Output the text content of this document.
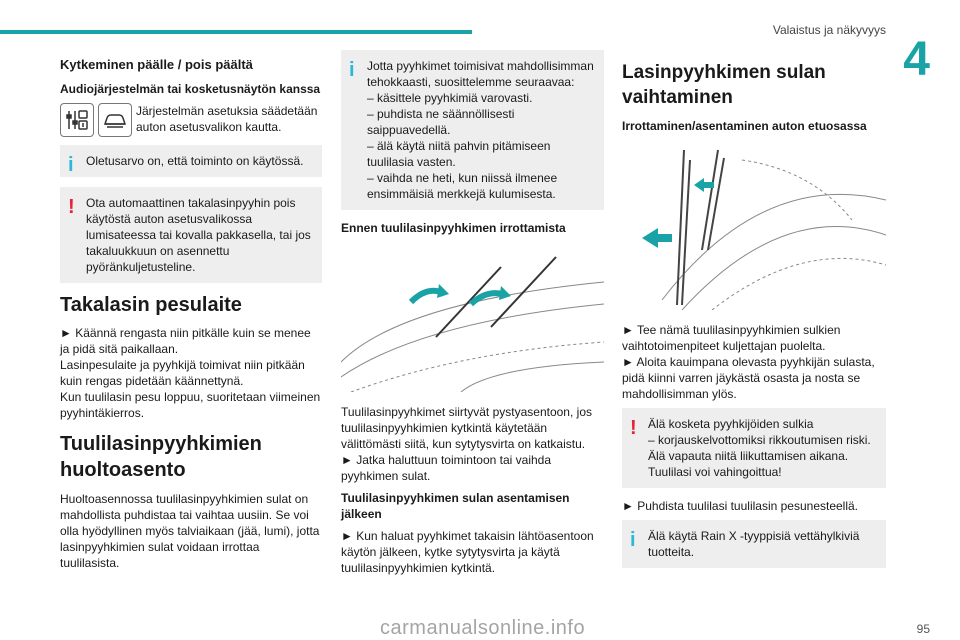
Valaistus ja näkyvyys
4
Kytkeminen päälle / pois päältä
Audiojärjestelmän tai kosketusnäytön kanssa
Järjestelmän asetuksia säädetään auton asetusvalikon kautta.
i Oletusarvo on, että toiminto on käytössä.
! Ota automaattinen takalasinpyyhin pois käytöstä auton asetusvalikossa lumisateessa tai kovalla pakkasella, tai jos takaluukkuun on asennettu pyöränkuljetusteline.
Takalasin pesulaite

► Käännä rengasta niin pitkälle kuin se menee ja pidä sitä paikallaan.
Lasinpesulaite ja pyyhkijä toimivat niin pitkään kuin rengas pidetään käännettynä.
Kun tuulilasin pesu loppuu, suoritetaan viimeinen pyyhintäkierros.

Tuulilasinpyyhkimien huoltoasento

Huoltoasennossa tuulilasinpyyhkimien sulat on mahdollista puhdistaa tai vaihtaa uusiin. Se voi olla hyödyllinen myös talviaikaan (jää, lumi), jotta lasinpyyhkimien sulat voidaan irrottaa tuulilasista.

i Jotta pyyhkimet toimisivat mahdollisimman tehokkaasti, suosittelemme seuraavaa:
– käsittele pyyhkimiä varovasti.
– puhdista ne säännöllisesti saippuavedellä.
– älä käytä niitä pahvin pitämiseen tuulilasia vasten.
– vaihda ne heti, kun niissä ilmenee ensimmäisiä merkkejä kulumisesta.
Ennen tuulilasinpyyhkimen irrottamista

Tuulilasinpyyhkimet siirtyvät pystyasentoon, jos tuulilasinpyyhkimien kytkintä käytetään välittömästi siitä, kun sytytysvirta on katkaistu.
► Jatka haluttuun toimintoon tai vaihda pyyhkimen sulat.

Tuulilasinpyyhkimen sulan asentamisen jälkeen

► Kun haluat pyyhkimet takaisin lähtöasentoon käytön jälkeen, kytke sytytysvirta ja käytä tuulilasinpyyhkimien kytkintä.

Lasinpyyhkimen sulan vaihtaminen
Irrottaminen/asentaminen auton etuosassa

► Tee nämä tuulilasinpyyhkimien sulkien vaihtotoimenpiteet kuljettajan puolelta.
► Aloita kauimpana olevasta pyyhkijän sulasta, pidä kiinni varren jäykästä osasta ja nosta se mahdollisimman ylös.

! Älä kosketa pyyhkijöiden sulkia
– korjauskelvottomiksi rikkoutumisen riski.
Älä vapauta niitä liikuttamisen aikana.
Tuulilasi voi vahingoittua!

► Puhdista tuulilasi tuulilasin pesunesteellä.

i Älä käytä Rain X -tyyppisiä vettähylkiviä tuotteita.
carmanualsonline.info	95
